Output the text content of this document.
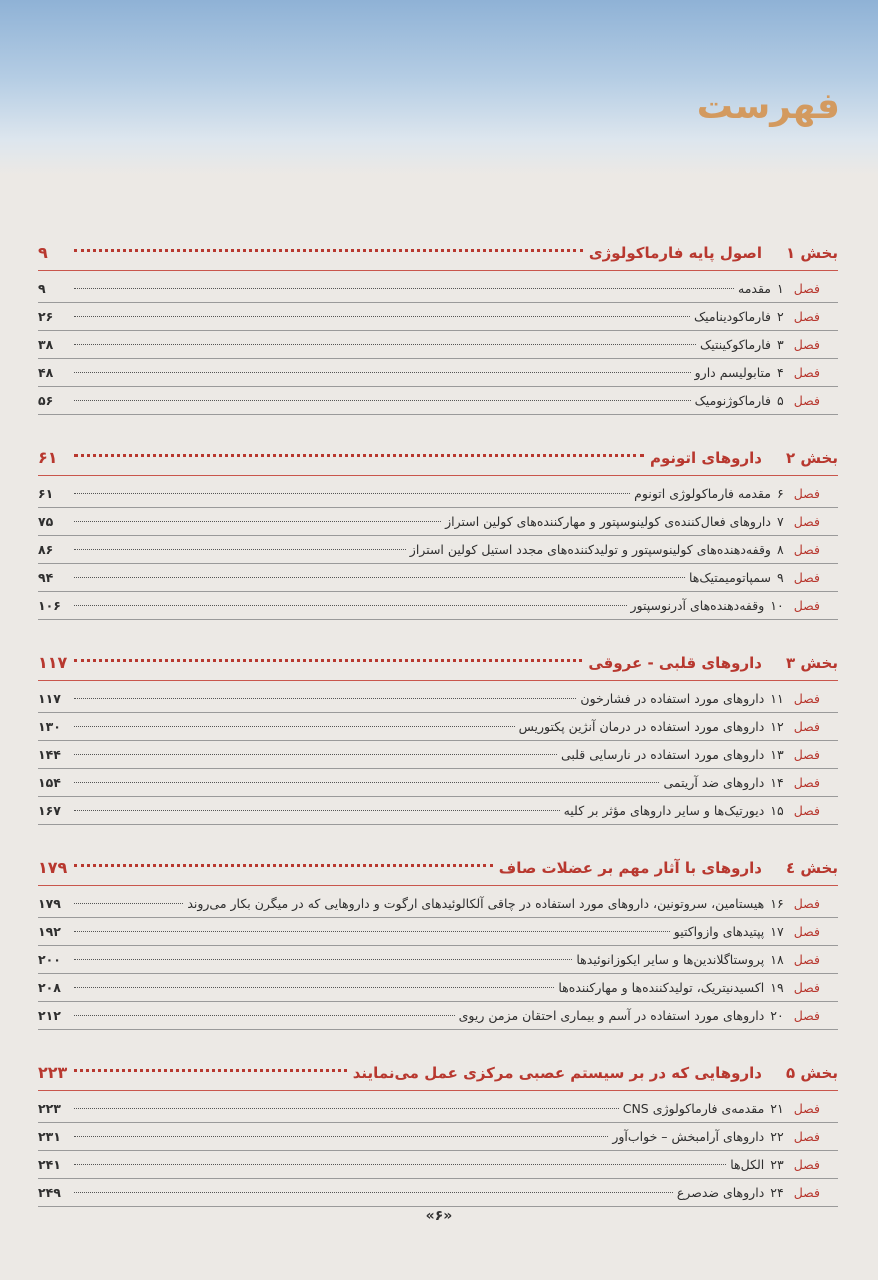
فهرست
بخش ۱
اصول پایه فارماکولوژی
۹
فصل
۱
مقدمه
۹
فصل
۲
فارماکودینامیک
۲۶
فصل
۳
فارماکوکینتیک
۳۸
فصل
۴
متابولیسم دارو
۴۸
فصل
۵
فارماکوژنومیک
۵۶
بخش ۲
داروهای اتونوم
۶۱
فصل
۶
مقدمه فارماکولوژی اتونوم
۶۱
فصل
۷
داروهای فعال‌کننده‌ی کولینوسپتور و مهارکننده‌های کولین استراز
۷۵
فصل
۸
وقفه‌دهنده‌های کولینوسپتور و تولیدکننده‌های مجدد استیل کولین استراز
۸۶
فصل
۹
سمپاتومیمتیک‌ها
۹۴
فصل
۱۰
وقفه‌دهنده‌های آدرنوسپتور
۱۰۶
بخش ۳
داروهای قلبی - عروقی
۱۱۷
فصل
۱۱
داروهای مورد استفاده در فشارخون
۱۱۷
فصل
۱۲
داروهای مورد استفاده در درمان آنژین پکتوریس
۱۳۰
فصل
۱۳
داروهای مورد استفاده در نارسایی قلبی
۱۴۴
فصل
۱۴
داروهای ضد آریتمی
۱۵۴
فصل
۱۵
دیورتیک‌ها و سایر داروهای مؤثر بر کلیه
۱۶۷
بخش ٤
داروهای با آثار مهم بر عضلات صاف
۱۷۹
فصل
۱۶
هیستامین، سروتونین، داروهای مورد استفاده در چاقی آلکالوئیدهای ارگوت و داروهایی که در میگرن بکار می‌روند
۱۷۹
فصل
۱۷
پپتیدهای وازواکتیو
۱۹۲
فصل
۱۸
پروستاگلاندین‌ها و سایر ایکوزانوئیدها
۲۰۰
فصل
۱۹
اکسیدنیتریک، تولیدکننده‌ها و مهارکننده‌ها
۲۰۸
فصل
۲۰
داروهای مورد استفاده در آسم و بیماری احتقان مزمن ریوی
۲۱۲
بخش ۵
داروهایی که در بر سیستم عصبی مرکزی عمل می‌نمایند
۲۲۳
فصل
۲۱
مقدمه‌ی فارماکولوژی CNS
۲۲۳
فصل
۲۲
داروهای آرامبخش – خواب‌آور
۲۳۱
فصل
۲۳
الکل‌ها
۲۴۱
فصل
۲۴
داروهای ضدصرع
۲۴۹
«۶»
